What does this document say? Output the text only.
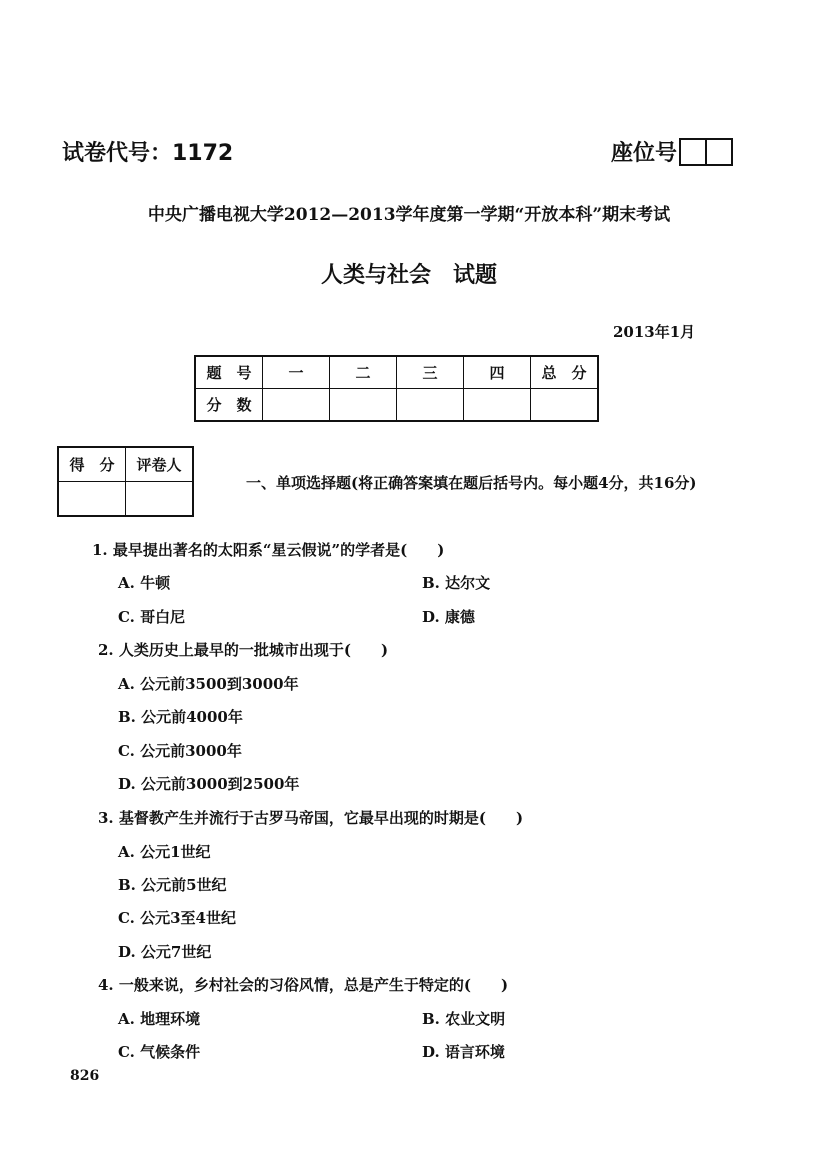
试卷代号：1172	座位号
中央广播电视大学2012—2013学年度第一学期“开放本科”期末考试
人类与社会　试题
2013年1月
题　号	一	二	三	四	总　分
分　数					
得　分	评卷人

一、单项选择题(将正确答案填在题后括号内。每小题4分，共16分)
1. 最早提出著名的太阳系“星云假说”的学者是(　　)
A. 牛顿	B. 达尔文
C. 哥白尼	D. 康德
2. 人类历史上最早的一批城市出现于(　　)
A. 公元前3500到3000年
B. 公元前4000年
C. 公元前3000年
D. 公元前3000到2500年
3. 基督教产生并流行于古罗马帝国，它最早出现的时期是(　　)
A. 公元1世纪
B. 公元前5世纪
C. 公元3至4世纪
D. 公元7世纪
4. 一般来说，乡村社会的习俗风情，总是产生于特定的(　　)
A. 地理环境	B. 农业文明
C. 气候条件	D. 语言环境
826
